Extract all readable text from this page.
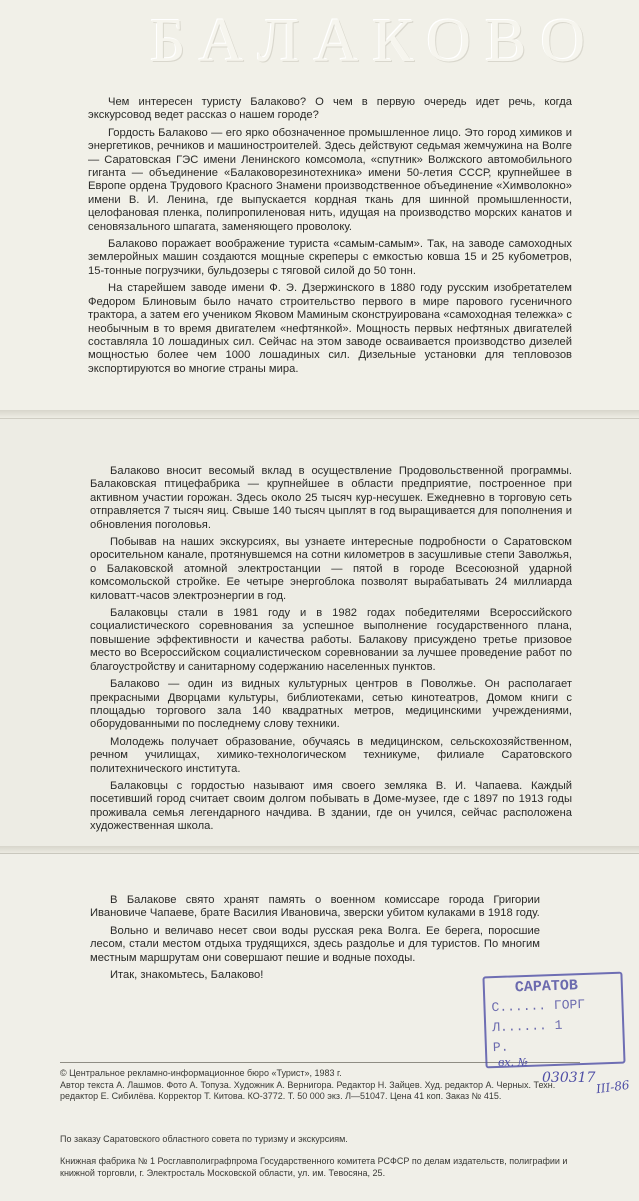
БАЛАКОВО

Чем интересен туристу Балаково? О чем в первую очередь идет речь, когда экскурсовод ведет рассказ о нашем городе?

Гордость Балаково — его ярко обозначенное промышленное лицо. Это город химиков и энергетиков, речников и машиностроителей. Здесь действуют седьмая жемчужина на Волге — Саратовская ГЭС имени Ленинского комсомола, «спутник» Волжского автомобильного гиганта — объединение «Балаковорезинотехника» имени 50-летия СССР, крупнейшее в Европе ордена Трудового Красного Знамени производственное объединение «Химволокно» имени В. И. Ленина, где выпускается кордная ткань для шинной промышленности, целофановая пленка, полипропиленовая нить, идущая на производство морских канатов и сеновязального шпагата, заменяющего проволоку.

Балаково поражает воображение туриста «самым-самым». Так, на заводе самоходных землеройных машин создаются мощные скреперы с емкостью ковша 15 и 25 кубометров, 15-тонные погрузчики, бульдозеры с тяговой силой до 50 тонн.

На старейшем заводе имени Ф. Э. Дзержинского в 1880 году русским изобретателем Федором Блиновым было начато строительство первого в мире парового гусеничного трактора, а затем его учеником Яковом Маминым сконструирована «самоходная тележка» с необычным в то время двигателем «нефтянкой». Мощность первых нефтяных двигателей составляла 10 лошадиных сил. Сейчас на этом заводе осваивается производство дизелей мощностью более чем 1000 лошадиных сил. Дизельные установки для тепловозов экспортируются во многие страны мира.

Балаково вносит весомый вклад в осуществление Продовольственной программы. Балаковская птицефабрика — крупнейшее в области предприятие, построенное при активном участии горожан. Здесь около 25 тысяч кур-несушек. Ежедневно в торговую сеть отправляется 7 тысяч яиц. Свыше 140 тысяч цыплят в год выращивается для пополнения и обновления поголовья.

Побывав на наших экскурсиях, вы узнаете интересные подробности о Саратовском оросительном канале, протянувшемся на сотни километров в засушливые степи Заволжья, о Балаковской атомной электростанции — пятой в городе Всесоюзной ударной комсомольской стройке. Ее четыре энергоблока позволят вырабатывать 24 миллиарда киловатт-часов электроэнергии в год.

Балаковцы стали в 1981 году и в 1982 годах победителями Всероссийского социалистического соревнования за успешное выполнение государственного плана, повышение эффективности и качества работы. Балакову присуждено третье призовое место во Всероссийском социалистическом соревновании за лучшее проведение работ по благоустройству и санитарному содержанию населенных пунктов.

Балаково — один из видных культурных центров в Поволжье. Он располагает прекрасными Дворцами культуры, библиотеками, сетью кинотеатров, Домом книги с площадью торгового зала 140 квадратных метров, медицинскими учреждениями, оборудованными по последнему слову техники.

Молодежь получает образование, обучаясь в медицинском, сельскохозяйственном, речном училищах, химико-технологическом техникуме, филиале Саратовского политехнического института.

Балаковцы с гордостью называют имя своего земляка В. И. Чапаева. Каждый посетивший город считает своим долгом побывать в Доме-музее, где с 1897 по 1913 годы проживала семья легендарного начдива. В здании, где он учился, сейчас расположена художественная школа.

В Балакове свято хранят память о военном комиссаре города Григории Ивановиче Чапаеве, брате Василия Ивановича, зверски убитом кулаками в 1918 году.

Вольно и величаво несет свои воды русская река Волга. Ее берега, поросшие лесом, стали местом отдыха трудящихся, здесь раздолье и для туристов. По многим местным маршрутам они совершают пешие и водные походы.

Итак, знакомьтесь, Балаково!

© Центральное рекламно-информационное бюро «Турист», 1983 г.
Автор текста А. Лашмов. Фото А. Топуза. Художник А. Вернигора. Редактор Н. Зайцев. Худ. редактор А. Черных. Техн. редактор Е. Сибилёва. Корректор Т. Китова. КО-3772. Т. 50 000 экз. Л—51047. Цена 41 коп. Заказ № 415.
По заказу Саратовского областного совета по туризму и экскурсиям.
Книжная фабрика № 1 Росглавполиграфпрома Государственного комитета РСФСР по делам издательств, полиграфии и книжной торговли, г. Электросталь Московской области, ул. им. Тевосяна, 25.
САРАТОВ
С...... ГОРГ
Л...... 1
Р.
вх. №
030317 III-86
